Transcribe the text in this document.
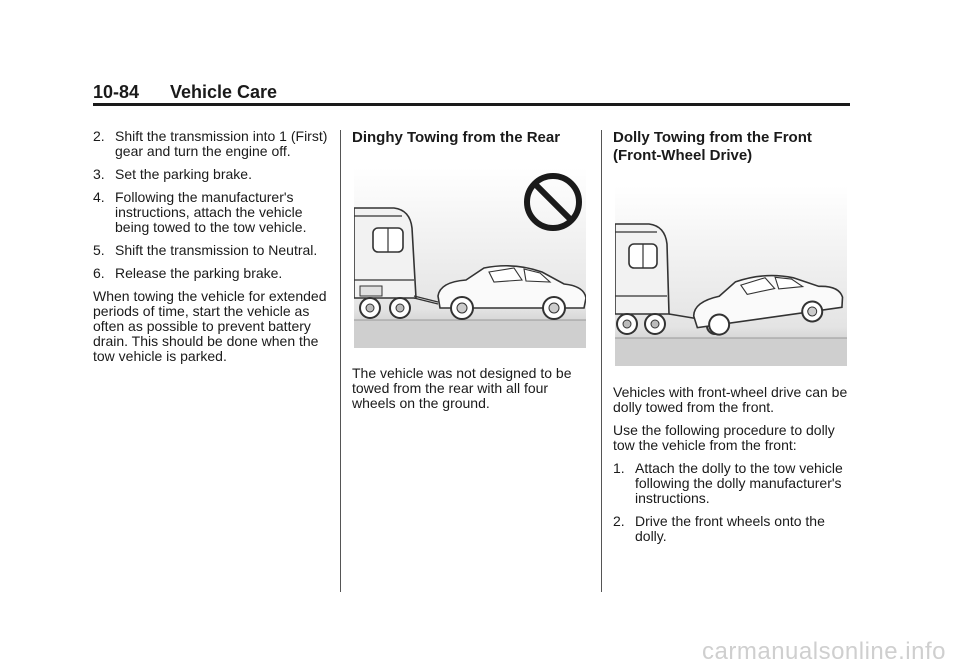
10-84 Vehicle Care
2. Shift the transmission into 1 (First) gear and turn the engine off.
3. Set the parking brake.
4. Following the manufacturer's instructions, attach the vehicle being towed to the tow vehicle.
5. Shift the transmission to Neutral.
6. Release the parking brake.

When towing the vehicle for extended periods of time, start the vehicle as often as possible to prevent battery drain. This should be done when the tow vehicle is parked.

Dinghy Towing from the Rear

The vehicle was not designed to be towed from the rear with all four wheels on the ground.

Dolly Towing from the Front
(Front-Wheel Drive)

Vehicles with front-wheel drive can be dolly towed from the front.

Use the following procedure to dolly tow the vehicle from the front:

1. Attach the dolly to the tow vehicle following the dolly manufacturer's instructions.
2. Drive the front wheels onto the dolly.
carmanualsonline.info
